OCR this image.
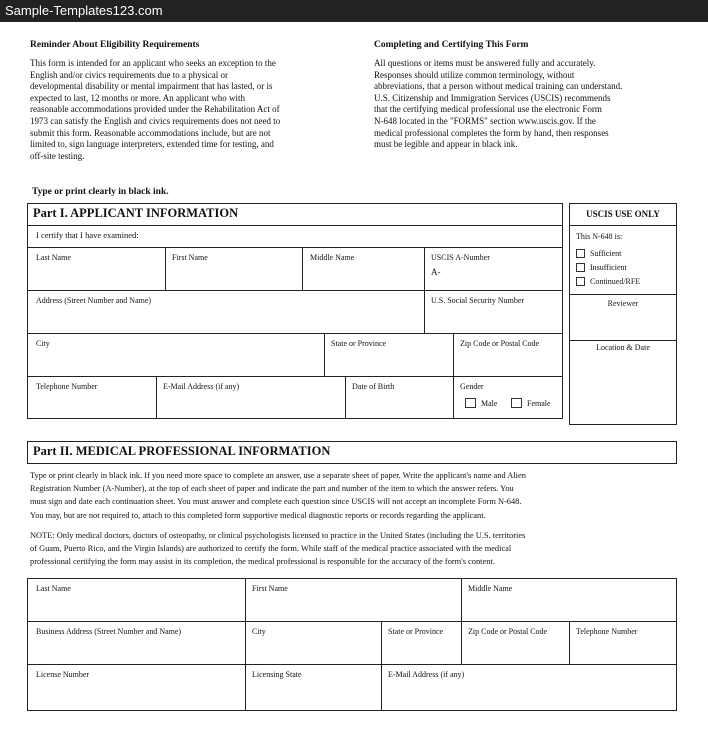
Sample-Templates123.com
Reminder About Eligibility Requirements
This form is intended for an applicant who seeks an exception to the
English and/or civics requirements due to a physical or
developmental disability or mental impairment that has lasted, or is
expected to last, 12 months or more. An applicant who with
reasonable accommodations provided under the Rehabilitation Act of
1973 can satisfy the English and civics requirements does not need to
submit this form. Reasonable accommodations include, but are not
limited to, sign language interpreters, extended time for testing, and
off-site testing.
Completing and Certifying This Form
All questions or items must be answered fully and accurately.
Responses should utilize common terminology, without
abbreviations, that a person without medical training can understand.
U.S. Citizenship and Immigration Services (USCIS) recommends
that the certifying medical professional use the electronic Form
N-648 located in the "FORMS" section www.uscis.gov. If the
medical professional completes the form by hand, then responses
must be legible and appear in black ink.
Type or print clearly in black ink.
Part I. APPLICANT INFORMATION
I certify that I have examined:
Last Name	First Name	Middle Name	USCIS A-Number
A-
Address (Street Number and Name)	U.S. Social Security Number
City	State or Province	Zip Code or Postal Code
Telephone Number	E-Mail Address (if any)	Date of Birth	Gender
Male	Female
USCIS USE ONLY
This N-648 is:
Sufficient
Insufficient
Continued/RFE
Reviewer
Location & Date
Part II. MEDICAL PROFESSIONAL INFORMATION
Type or print clearly in black ink. If you need more space to complete an answer, use a separate sheet of paper. Write the applicant's name and Alien
Registration Number (A-Number), at the top of each sheet of paper and indicate the part and number of the item to which the answer refers. You
must sign and date each continuation sheet. You must answer and complete each question since USCIS will not accept an incomplete Form N-648.
You may, but are not required to, attach to this completed form supportive medical diagnostic reports or records regarding the applicant.
NOTE: Only medical doctors, doctors of osteopathy, or clinical psychologists licensed to practice in the United States (including the U.S. territories
of Guam, Puerto Rico, and the Virgin Islands) are authorized to certify the form. While staff of the medical practice associated with the medical
professional certifying the form may assist in its completion, the medical professional is responsible for the accuracy of the form's content.
Last Name	First Name	Middle Name
Business Address (Street Number and Name)	City	State or Province	Zip Code or Postal Code	Telephone Number
License Number	Licensing State	E-Mail Address (if any)
